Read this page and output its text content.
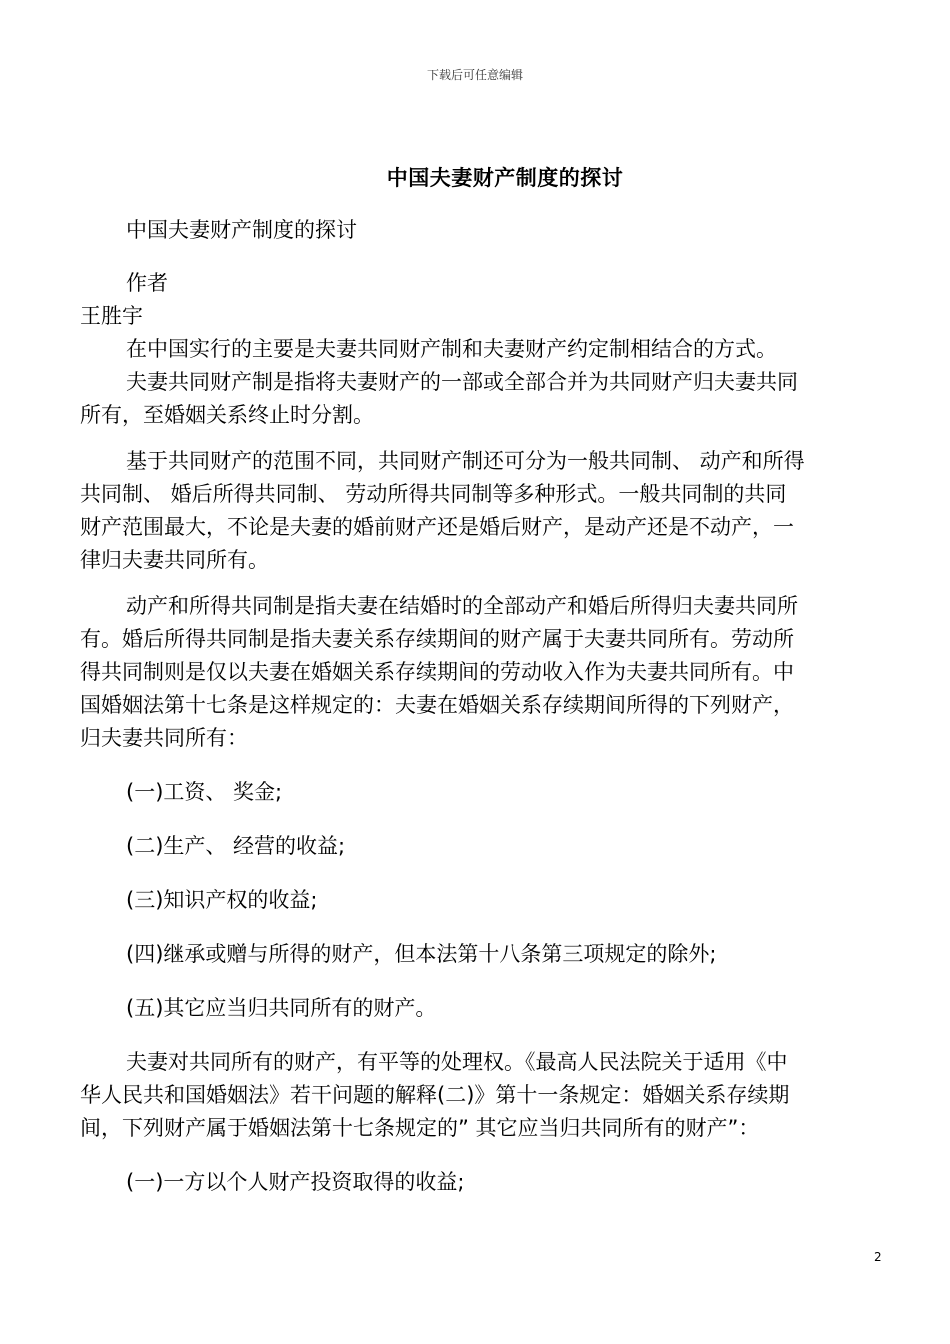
下载后可任意编辑
中国夫妻财产制度的探讨
中国夫妻财产制度的探讨
作者
王胜宇
在中国实行的主要是夫妻共同财产制和夫妻财产约定制相结合的方式。
夫妻共同财产制是指将夫妻财产的一部或全部合并为共同财产归夫妻共同
所有，至婚姻关系终止时分割。
基于共同财产的范围不同，共同财产制还可分为一般共同制、 动产和所得
共同制、 婚后所得共同制、 劳动所得共同制等多种形式。一般共同制的共同
财产范围最大，不论是夫妻的婚前财产还是婚后财产，是动产还是不动产，一
律归夫妻共同所有。
动产和所得共同制是指夫妻在结婚时的全部动产和婚后所得归夫妻共同所
有。婚后所得共同制是指夫妻关系存续期间的财产属于夫妻共同所有。劳动所
得共同制则是仅以夫妻在婚姻关系存续期间的劳动收入作为夫妻共同所有。中
国婚姻法第十七条是这样规定的：夫妻在婚姻关系存续期间所得的下列财产，
归夫妻共同所有：
(一)工资、 奖金;
(二)生产、 经营的收益;
(三)知识产权的收益;
(四)继承或赠与所得的财产，但本法第十八条第三项规定的除外;
(五)其它应当归共同所有的财产。
夫妻对共同所有的财产，有平等的处理权。《最高人民法院关于适用《中
华人民共和国婚姻法》若干问题的解释(二)》第十一条规定：婚姻关系存续期
间，下列财产属于婚姻法第十七条规定的” 其它应当归共同所有的财产”：
(一)一方以个人财产投资取得的收益;
2
